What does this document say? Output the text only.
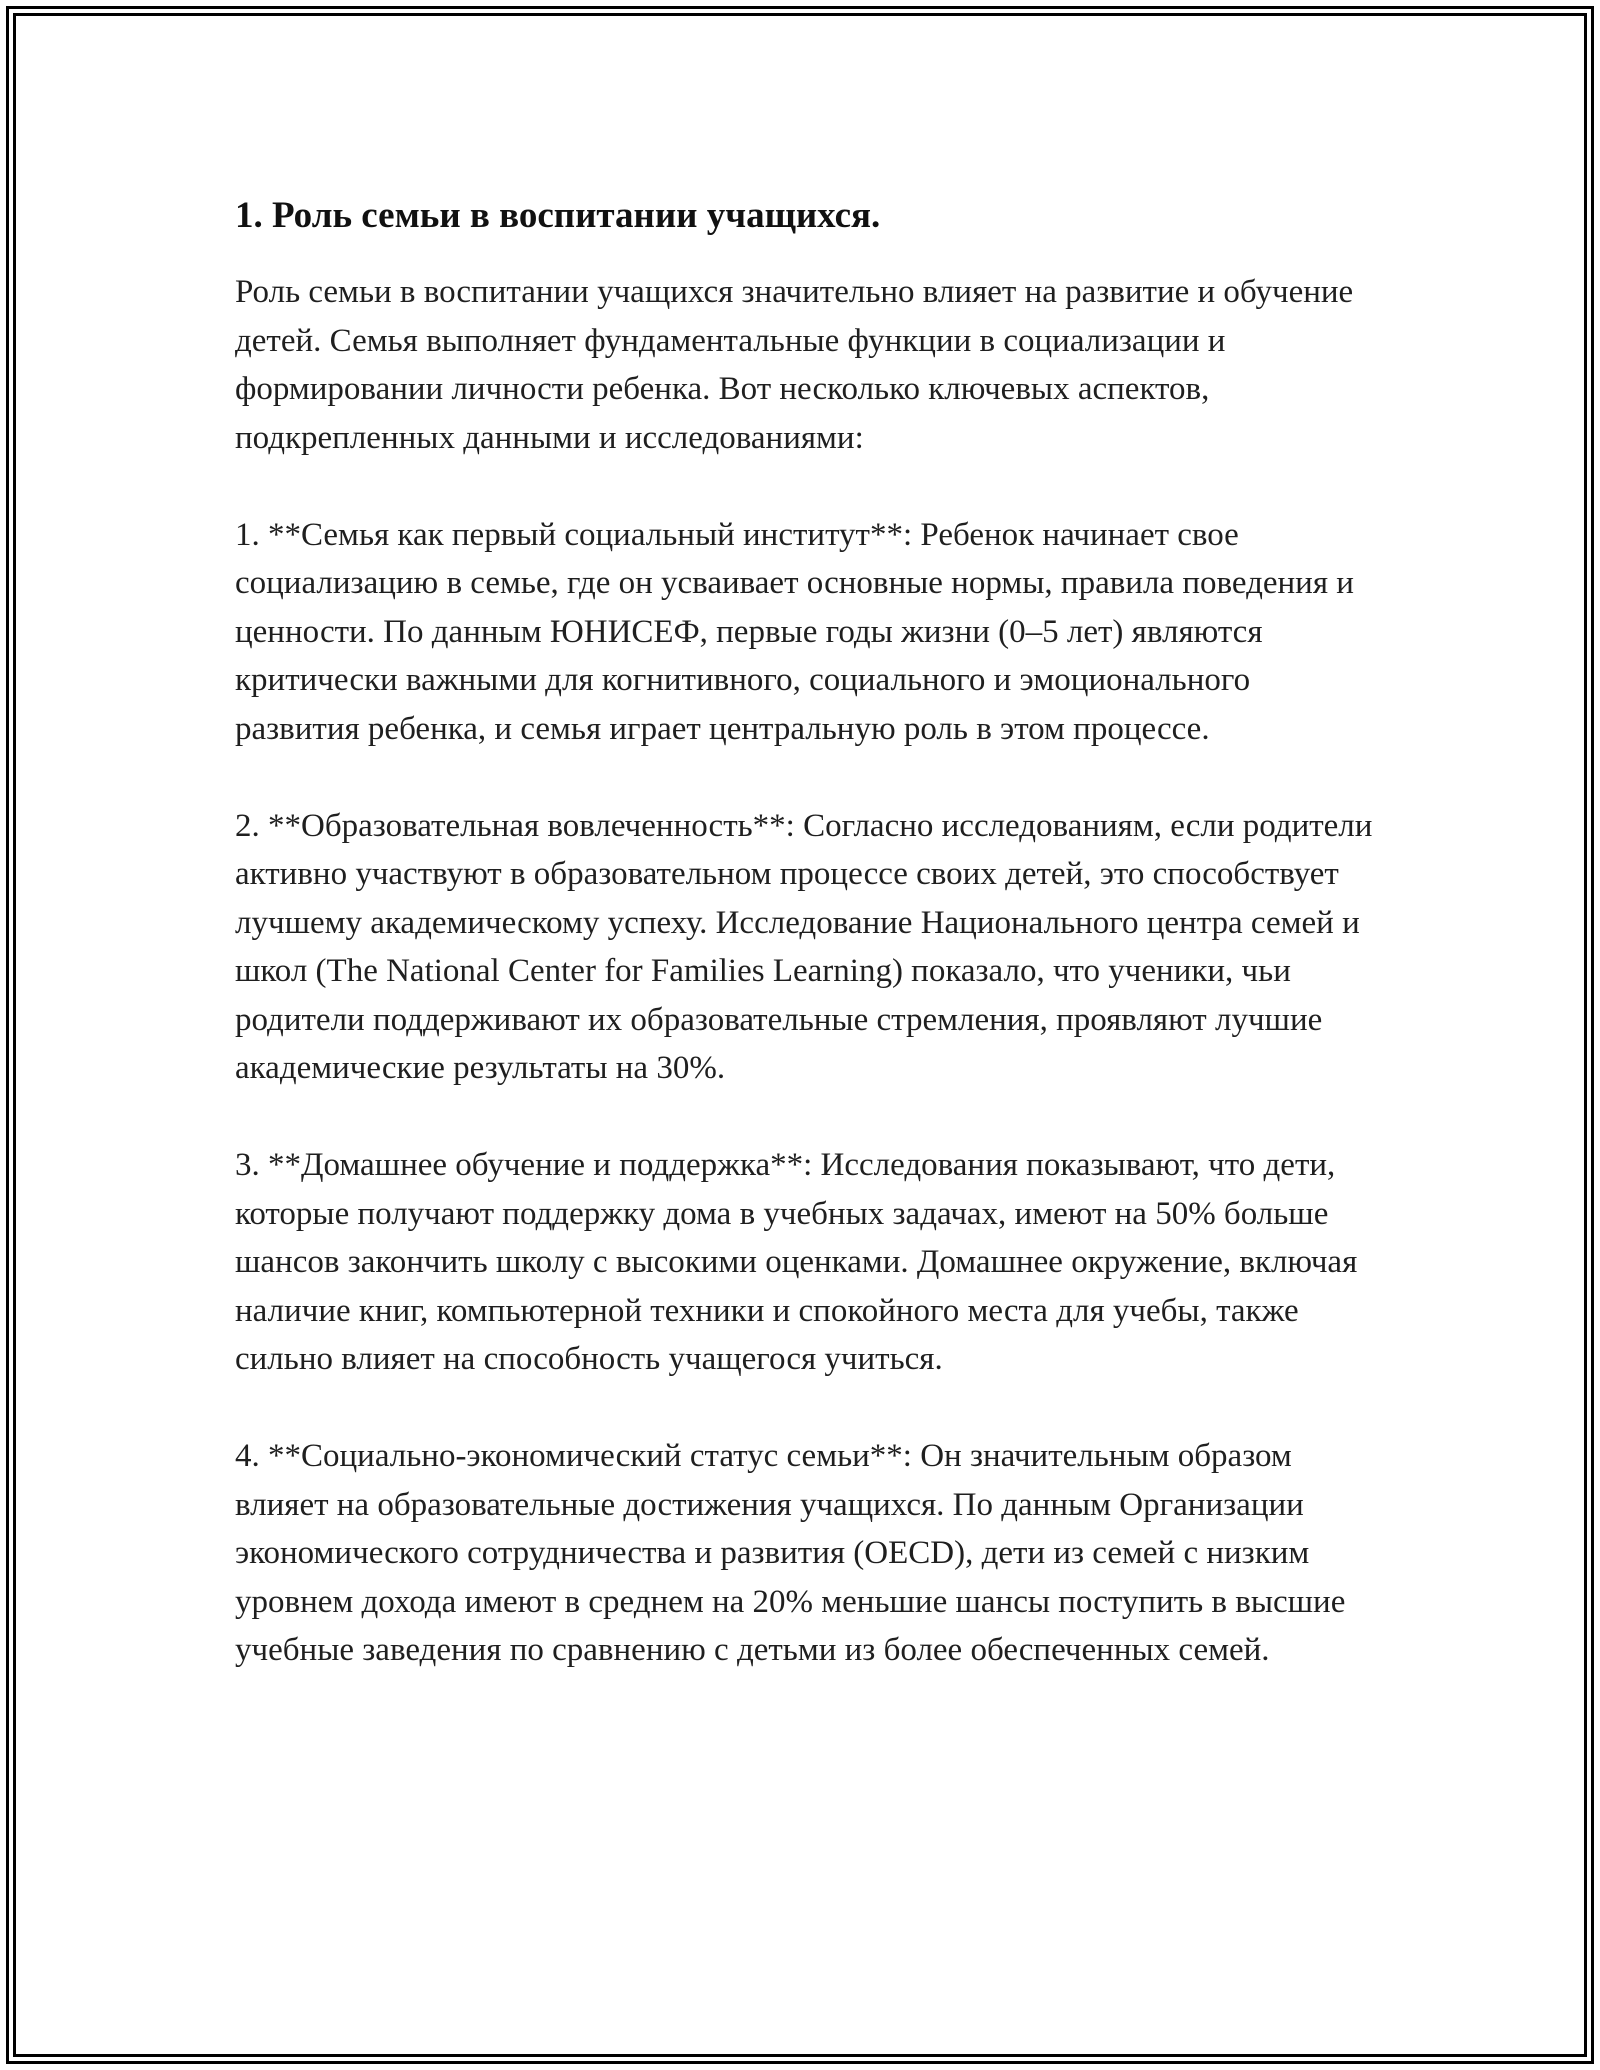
1. Роль семьи в воспитании учащихся.

Роль семьи в воспитании учащихся значительно влияет на развитие и обучение детей. Семья выполняет фундаментальные функции в социализации и формировании личности ребенка. Вот несколько ключевых аспектов, подкрепленных данными и исследованиями:

1. **Семья как первый социальный институт**: Ребенок начинает свое социализацию в семье, где он усваивает основные нормы, правила поведения и ценности. По данным ЮНИСЕФ, первые годы жизни (0–5 лет) являются критически важными для когнитивного, социального и эмоционального развития ребенка, и семья играет центральную роль в этом процессе.

2. **Образовательная вовлеченность**: Согласно исследованиям, если родители активно участвуют в образовательном процессе своих детей, это способствует лучшему академическому успеху. Исследование Национального центра семей и школ (The National Center for Families Learning) показало, что ученики, чьи родители поддерживают их образовательные стремления, проявляют лучшие академические результаты на 30%.

3. **Домашнее обучение и поддержка**: Исследования показывают, что дети, которые получают поддержку дома в учебных задачах, имеют на 50% больше шансов закончить школу с высокими оценками. Домашнее окружение, включая наличие книг, компьютерной техники и спокойного места для учебы, также сильно влияет на способность учащегося учиться.

4. **Социально-экономический статус семьи**: Он значительным образом влияет на образовательные достижения учащихся. По данным Организации экономического сотрудничества и развития (OECD), дети из семей с низким уровнем дохода имеют в среднем на 20% меньшие шансы поступить в высшие учебные заведения по сравнению с детьми из более обеспеченных семей.
